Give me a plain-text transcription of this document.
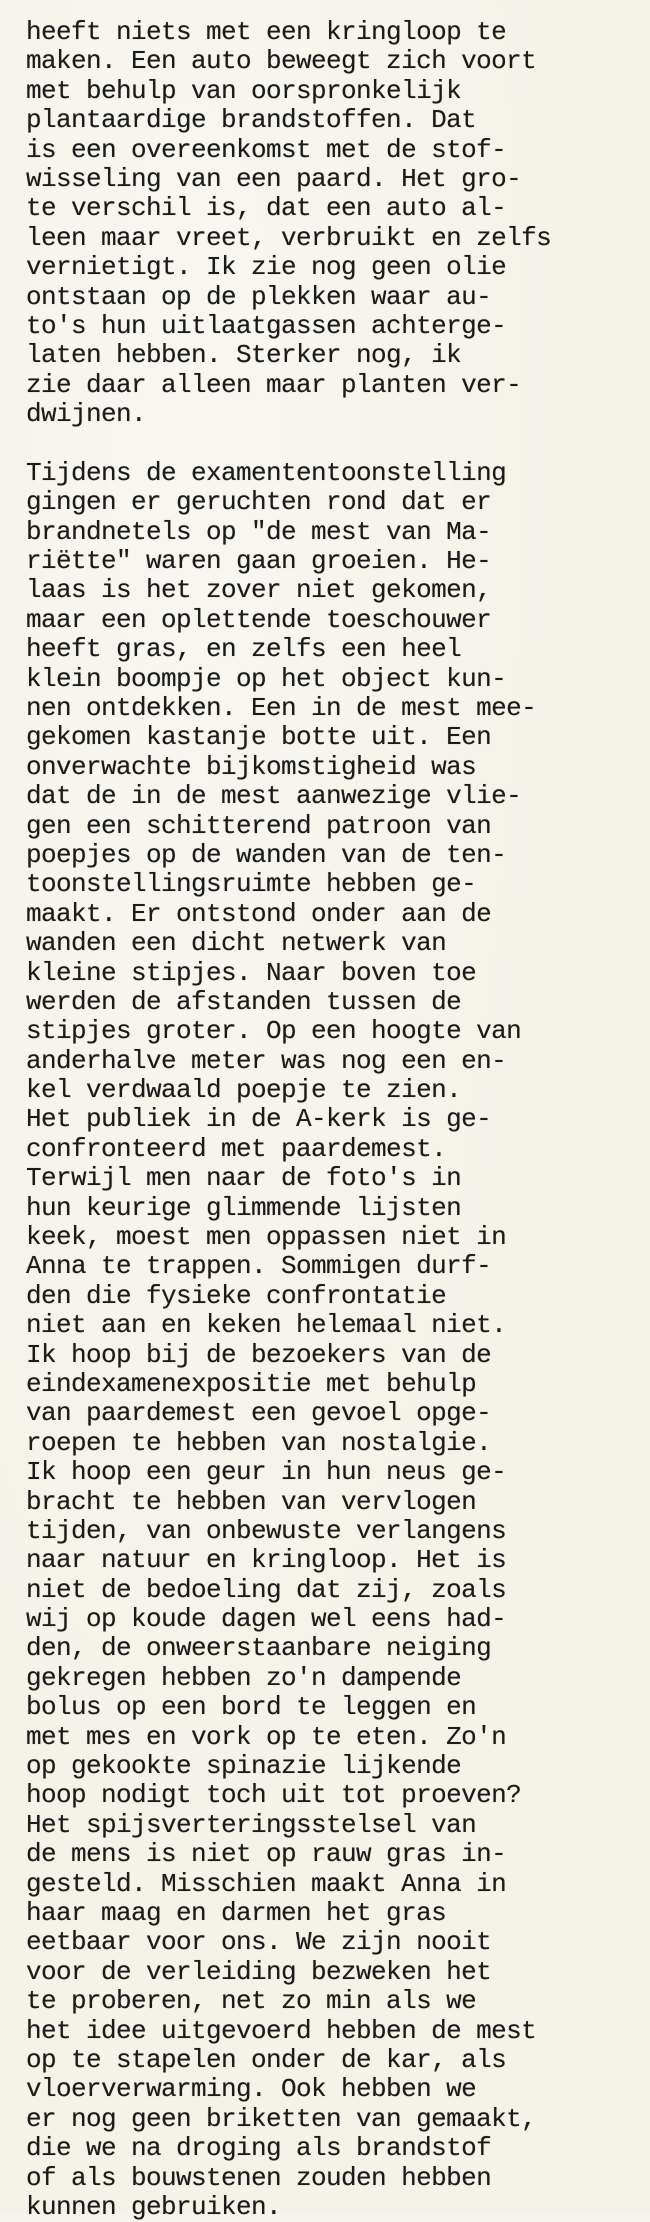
heeft niets met een kringloop te
maken. Een auto beweegt zich voort
met behulp van oorspronkelijk
plantaardige brandstoffen. Dat
is een overeenkomst met de stof-
wisseling van een paard. Het gro-
te verschil is, dat een auto al-
leen maar vreet, verbruikt en zelfs
vernietigt. Ik zie nog geen olie
ontstaan op de plekken waar au-
to's hun uitlaatgassen achterge-
laten hebben. Sterker nog, ik
zie daar alleen maar planten ver-
dwijnen.
Tijdens de examententoonstelling
gingen er geruchten rond dat er
brandnetels op "de mest van Ma-
riëtte" waren gaan groeien. He-
laas is het zover niet gekomen,
maar een oplettende toeschouwer
heeft gras, en zelfs een heel
klein boompje op het object kun-
nen ontdekken. Een in de mest mee-
gekomen kastanje botte uit. Een
onverwachte bijkomstigheid was
dat de in de mest aanwezige vlie-
gen een schitterend patroon van
poepjes op de wanden van de ten-
toonstellingsruimte hebben ge-
maakt. Er ontstond onder aan de
wanden een dicht netwerk van
kleine stipjes. Naar boven toe
werden de afstanden tussen de
stipjes groter. Op een hoogte van
anderhalve meter was nog een en-
kel verdwaald poepje te zien.
Het publiek in de A-kerk is ge-
confronteerd met paardemest.
Terwijl men naar de foto's in
hun keurige glimmende lijsten
keek, moest men oppassen niet in
Anna te trappen. Sommigen durf-
den die fysieke confrontatie
niet aan en keken helemaal niet.
Ik hoop bij de bezoekers van de
eindexamenexpositie met behulp
van paardemest een gevoel opge-
roepen te hebben van nostalgie.
Ik hoop een geur in hun neus ge-
bracht te hebben van vervlogen
tijden, van onbewuste verlangens
naar natuur en kringloop. Het is
niet de bedoeling dat zij, zoals
wij op koude dagen wel eens had-
den, de onweerstaanbare neiging
gekregen hebben zo'n dampende
bolus op een bord te leggen en
met mes en vork op te eten. Zo'n
op gekookte spinazie lijkende
hoop nodigt toch uit tot proeven?
Het spijsverteringsstelsel van
de mens is niet op rauw gras in-
gesteld. Misschien maakt Anna in
haar maag en darmen het gras
eetbaar voor ons. We zijn nooit
voor de verleiding bezweken het
te proberen, net zo min als we
het idee uitgevoerd hebben de mest
op te stapelen onder de kar, als
vloerverwarming. Ook hebben we
er nog geen briketten van gemaakt,
die we na droging als brandstof
of als bouwstenen zouden hebben
kunnen gebruiken.
